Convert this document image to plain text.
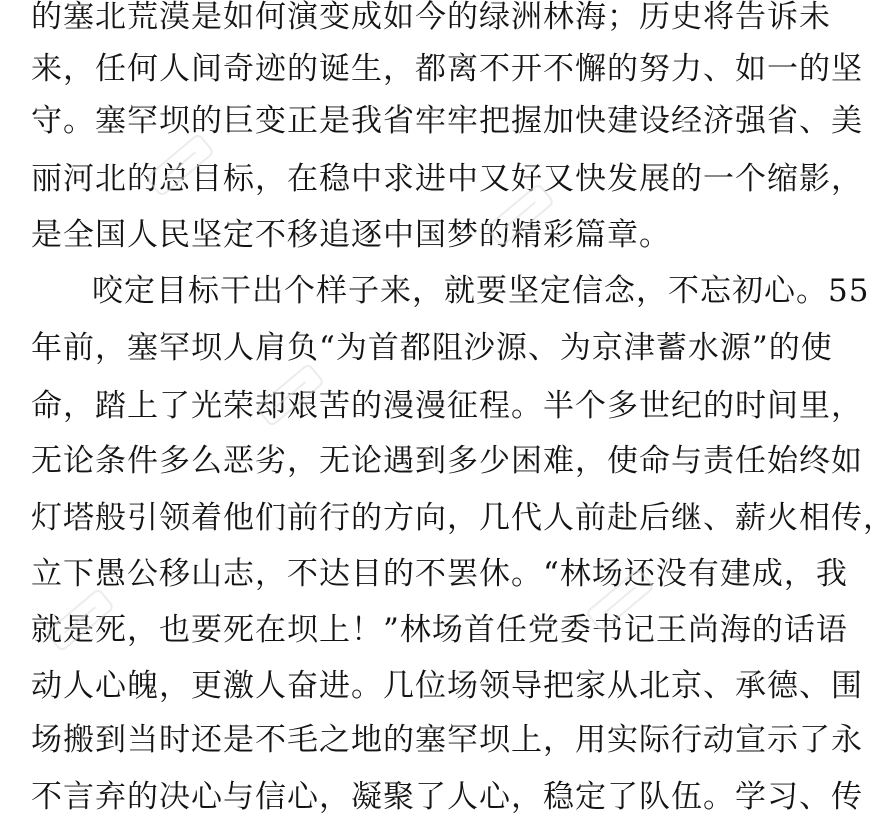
的塞北荒漠是如何演变成如今的绿洲林海；历史将告诉未
来，任何人间奇迹的诞生，都离不开不懈的努力、如一的坚
守。塞罕坝的巨变正是我省牢牢把握加快建设经济强省、美
丽河北的总目标，在稳中求进中又好又快发展的一个缩影，
是全国人民坚定不移追逐中国梦的精彩篇章。
咬定目标干出个样子来，就要坚定信念，不忘初心。55
年前，塞罕坝人肩负“为首都阻沙源、为京津蓄水源”的使
命，踏上了光荣却艰苦的漫漫征程。半个多世纪的时间里，
无论条件多么恶劣，无论遇到多少困难，使命与责任始终如
灯塔般引领着他们前行的方向，几代人前赴后继、薪火相传，
立下愚公移山志，不达目的不罢休。“林场还没有建成，我
就是死，也要死在坝上！”林场首任党委书记王尚海的话语
动人心魄，更激人奋进。几位场领导把家从北京、承德、围
场搬到当时还是不毛之地的塞罕坝上，用实际行动宣示了永
不言弃的决心与信心，凝聚了人心，稳定了队伍。学习、传
